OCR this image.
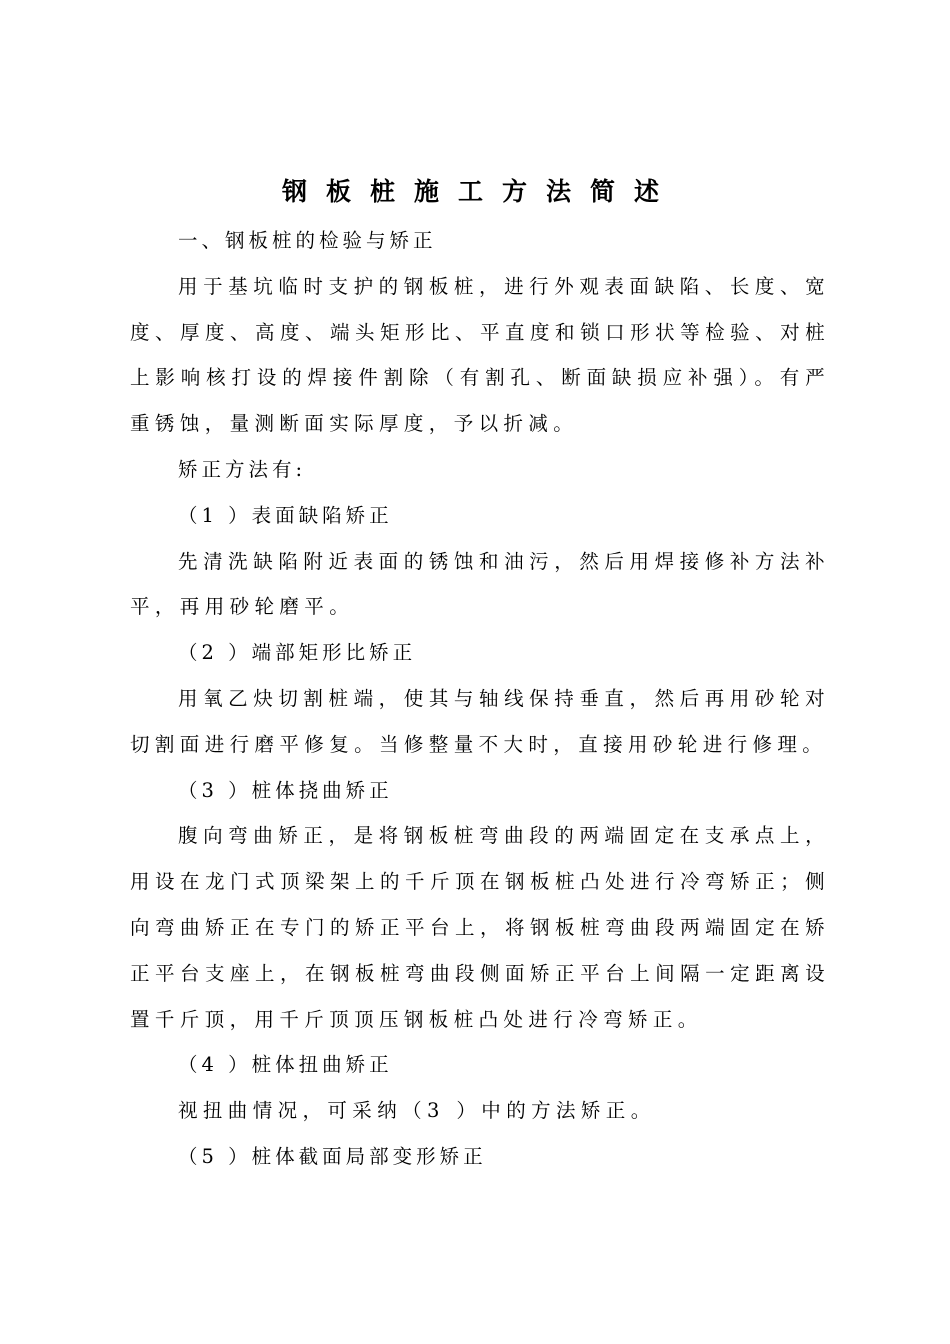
钢板桩施工方法简述

一、钢板桩的检验与矫正

用于基坑临时支护的钢板桩，进行外观表面缺陷、长度、宽度、厚度、高度、端头矩形比、平直度和锁口形状等检验、对桩上影响核打设的焊接件割除（有割孔、断面缺损应补强）。有严重锈蚀，量测断面实际厚度，予以折减。

矫正方法有:

（1 ）表面缺陷矫正

先清洗缺陷附近表面的锈蚀和油污，然后用焊接修补方法补平，再用砂轮磨平。

（2 ）端部矩形比矫正

用氧乙炔切割桩端，使其与轴线保持垂直，然后再用砂轮对切割面进行磨平修复。当修整量不大时，直接用砂轮进行修理。

（3 ）桩体挠曲矫正

腹向弯曲矫正，是将钢板桩弯曲段的两端固定在支承点上，用设在龙门式顶梁架上的千斤顶在钢板桩凸处进行冷弯矫正；侧向弯曲矫正在专门的矫正平台上，将钢板桩弯曲段两端固定在矫正平台支座上，在钢板桩弯曲段侧面矫正平台上间隔一定距离设置千斤顶，用千斤顶顶压钢板桩凸处进行冷弯矫正。

（4 ）桩体扭曲矫正

视扭曲情况，可采纳（3 ）中的方法矫正。

（5 ）桩体截面局部变形矫正
